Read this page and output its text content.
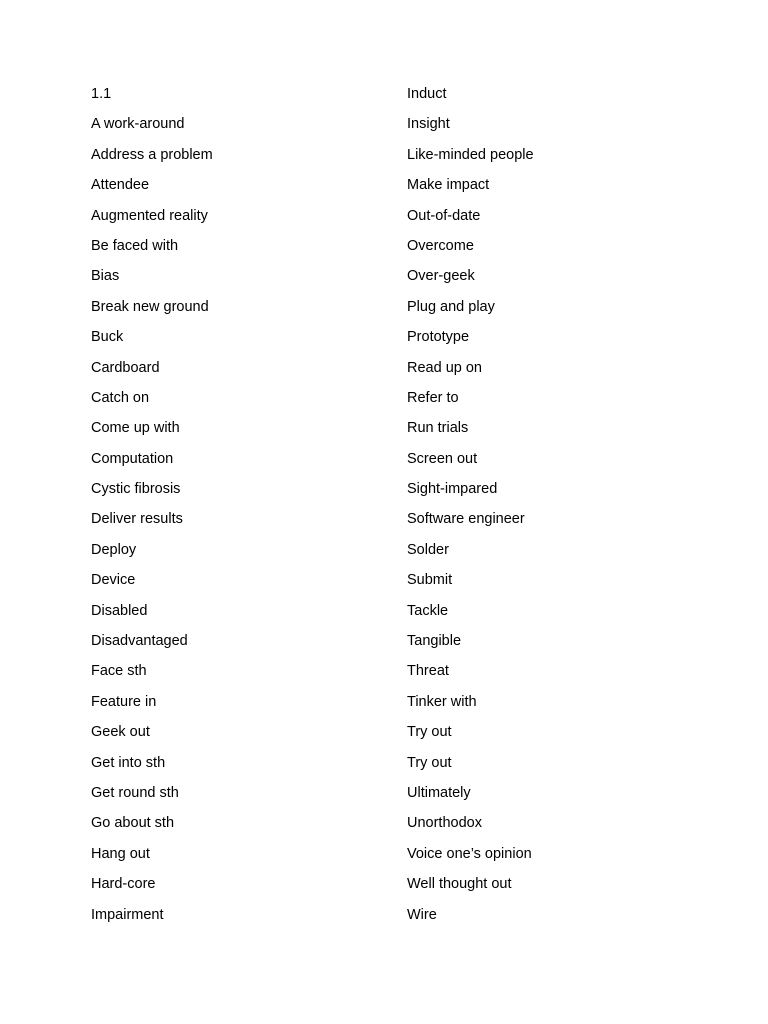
1.1
A work-around
Address a problem
Attendee
Augmented reality
Be faced with
Bias
Break new ground
Buck
Cardboard
Catch on
Come up with
Computation
Cystic fibrosis
Deliver results
Deploy
Device
Disabled
Disadvantaged
Face sth
Feature in
Geek out
Get into sth
Get round sth
Go about sth
Hang out
Hard-core
Impairment
Induct
Insight
Like-minded people
Make impact
Out-of-date
Overcome
Over-geek
Plug and play
Prototype
Read up on
Refer to
Run trials
Screen out
Sight-impared
Software engineer
Solder
Submit
Tackle
Tangible
Threat
Tinker with
Try out
Try out
Ultimately
Unorthodox
Voice one’s opinion
Well thought out
Wire
